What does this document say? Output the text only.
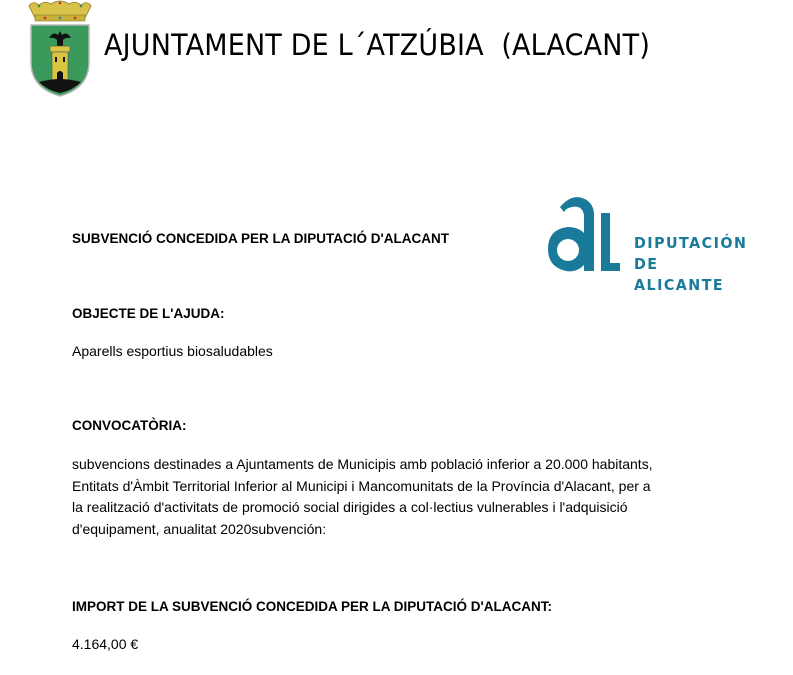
AJUNTAMENT DE L´ATZÚBIA  (ALACANT)
DIPUTACIÓN
DE ALICANTE
SUBVENCIÓ CONCEDIDA PER LA DIPUTACIÓ D'ALACANT
OBJECTE DE L'AJUDA:
Aparells esportius biosaludables
CONVOCATÒRIA:
subvencions destinades a Ajuntaments de Municipis amb població inferior a 20.000 habitants,
Entitats d'Àmbit Territorial Inferior al Municipi i Mancomunitats de la Província d'Alacant, per a
la realització d'activitats de promoció social dirigides a col·lectius vulnerables i l'adquisició
d'equipament, anualitat 2020subvención:
IMPORT DE LA SUBVENCIÓ CONCEDIDA PER LA DIPUTACIÓ D'ALACANT:
4.164,00 €
